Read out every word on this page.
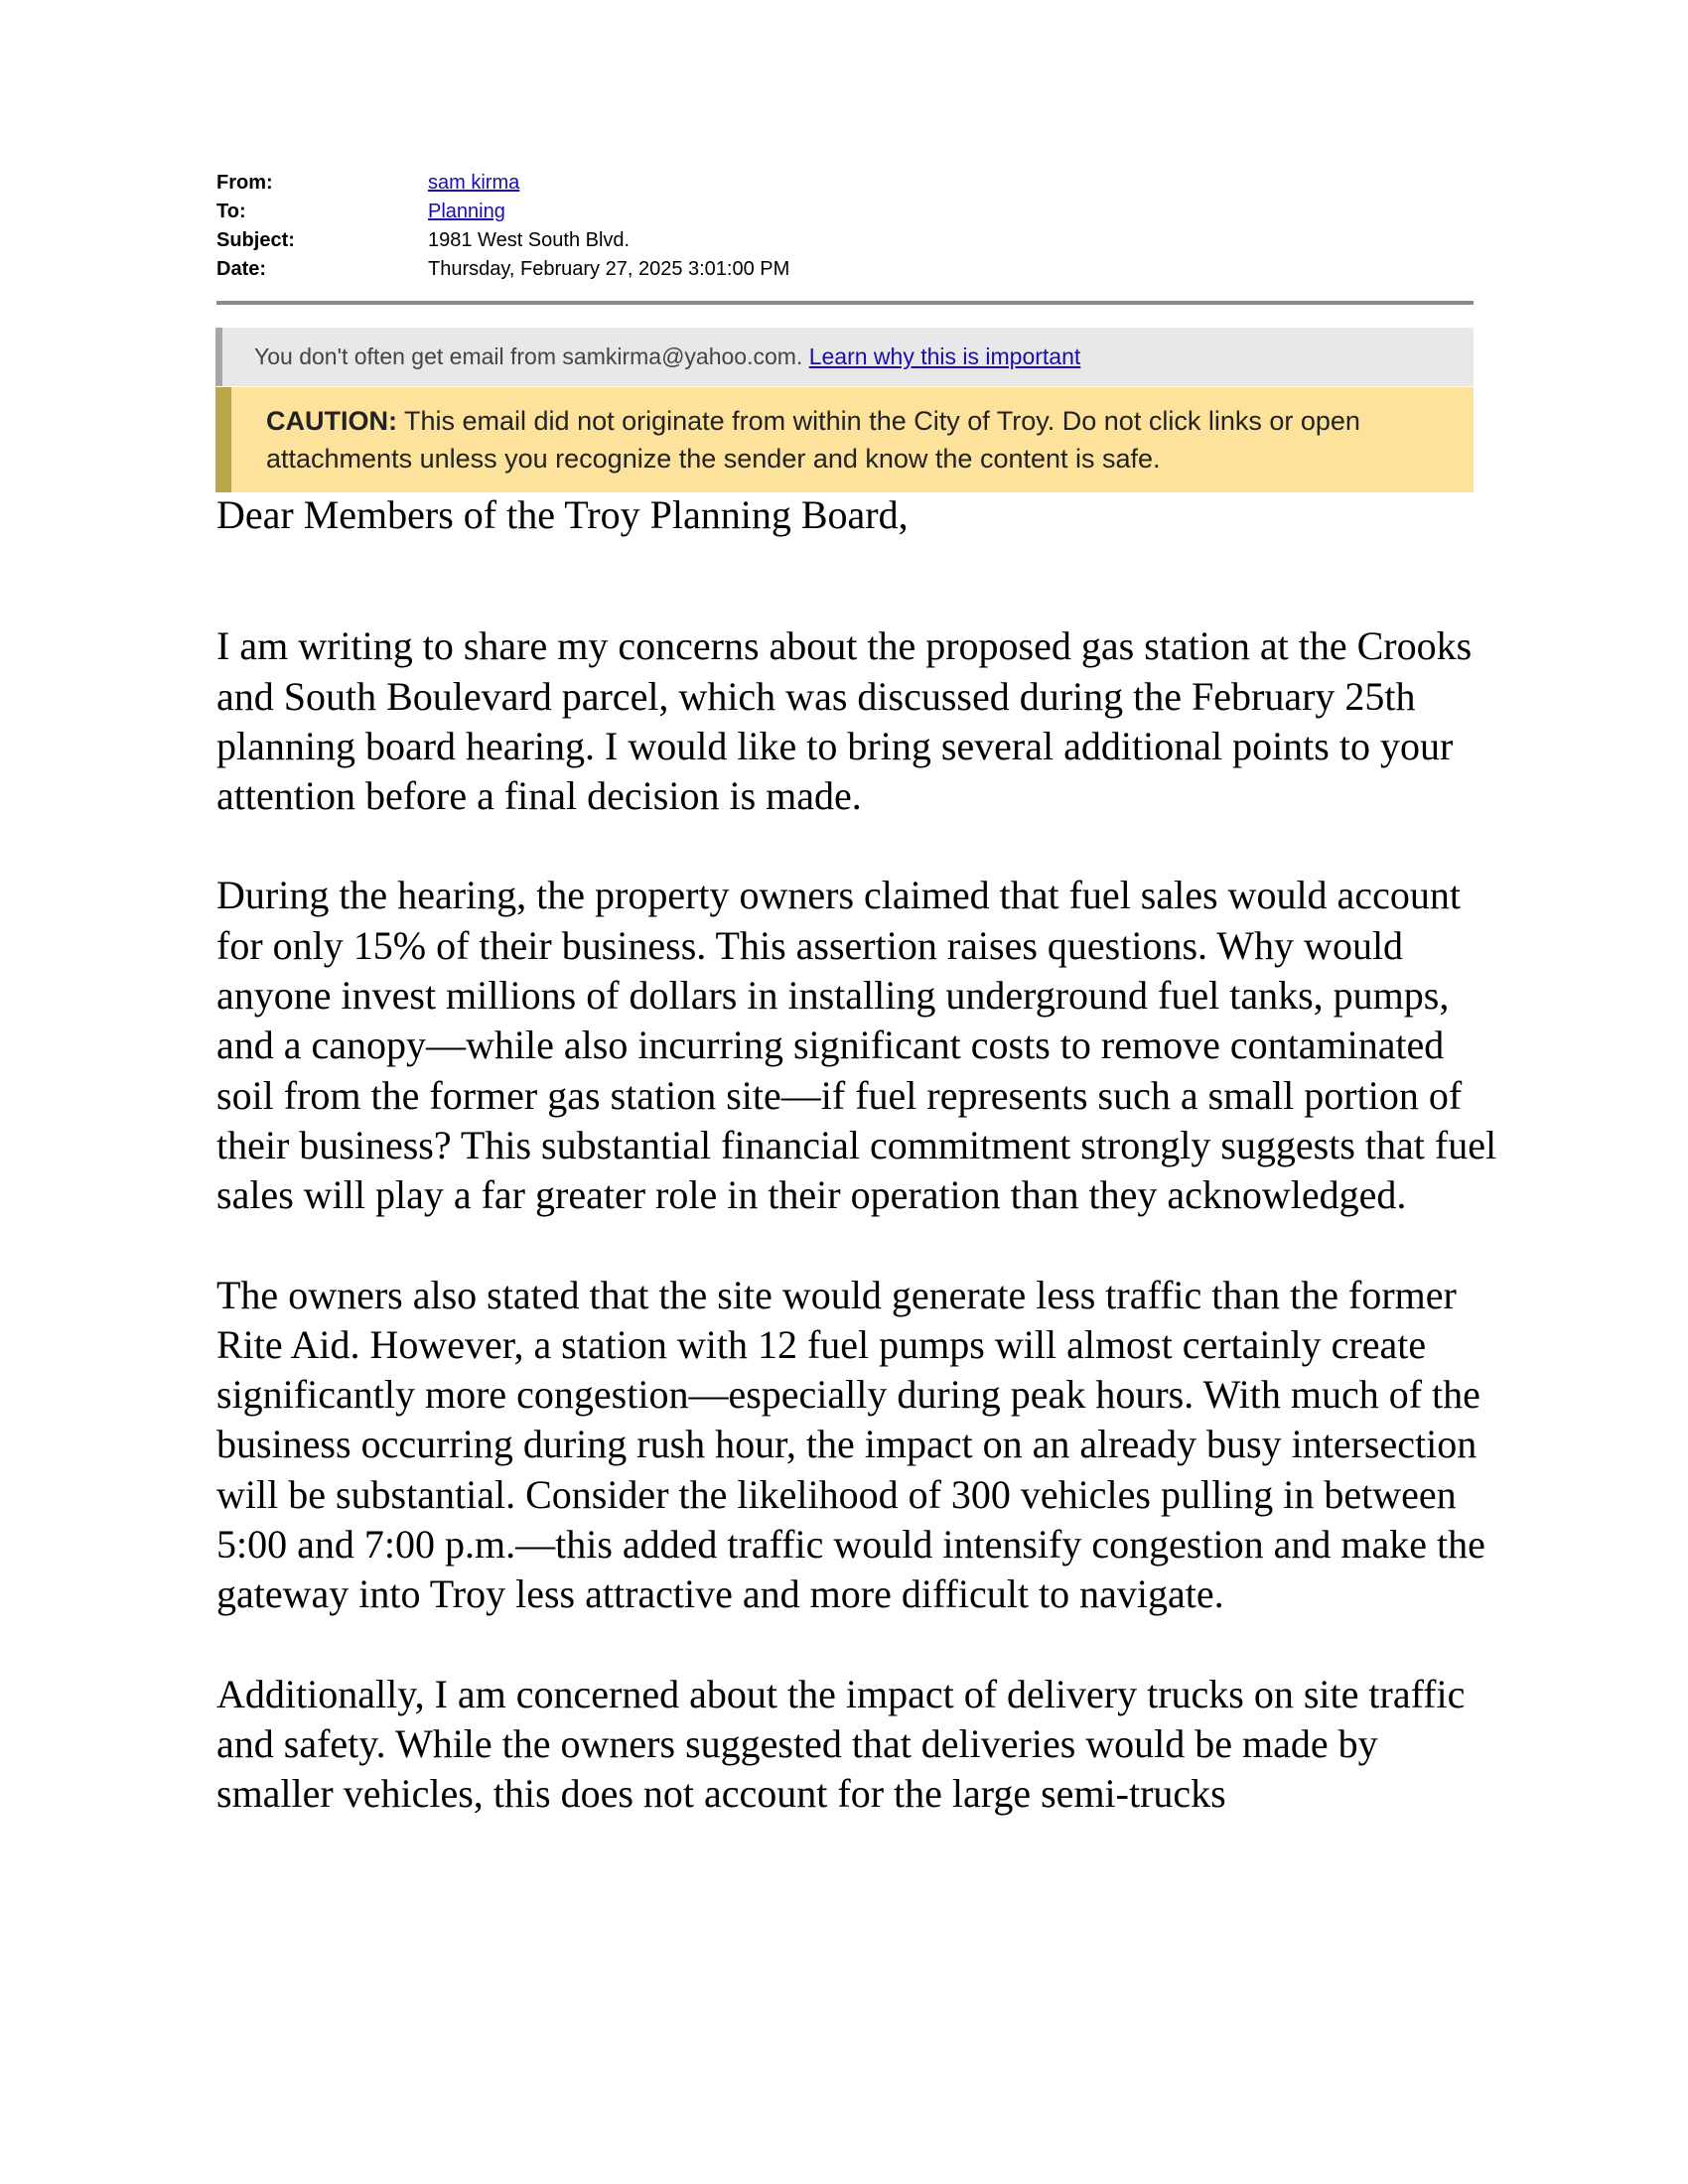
From:	sam kirma
To:	Planning
Subject:	1981 West South Blvd.
Date:	Thursday, February 27, 2025 3:01:00 PM
You don't often get email from samkirma@yahoo.com. Learn why this is important
CAUTION: This email did not originate from within the City of Troy. Do not click links or open attachments unless you recognize the sender and know the content is safe.

Dear Members of the Troy Planning Board,

I am writing to share my concerns about the proposed gas station at the Crooks and South Boulevard parcel, which was discussed during the February 25th planning board hearing. I would like to bring several additional points to your attention before a final decision is made.

During the hearing, the property owners claimed that fuel sales would account for only 15% of their business. This assertion raises questions. Why would anyone invest millions of dollars in installing underground fuel tanks, pumps, and a canopy—while also incurring significant costs to remove contaminated soil from the former gas station site—if fuel represents such a small portion of their business? This substantial financial commitment strongly suggests that fuel sales will play a far greater role in their operation than they acknowledged.

The owners also stated that the site would generate less traffic than the former Rite Aid. However, a station with 12 fuel pumps will almost certainly create significantly more congestion—especially during peak hours. With much of the business occurring during rush hour, the impact on an already busy intersection will be substantial. Consider the likelihood of 300 vehicles pulling in between 5:00 and 7:00 p.m.—this added traffic would intensify congestion and make the gateway into Troy less attractive and more difficult to navigate.

Additionally, I am concerned about the impact of delivery trucks on site traffic and safety. While the owners suggested that deliveries would be made by smaller vehicles, this does not account for the large semi-trucks
